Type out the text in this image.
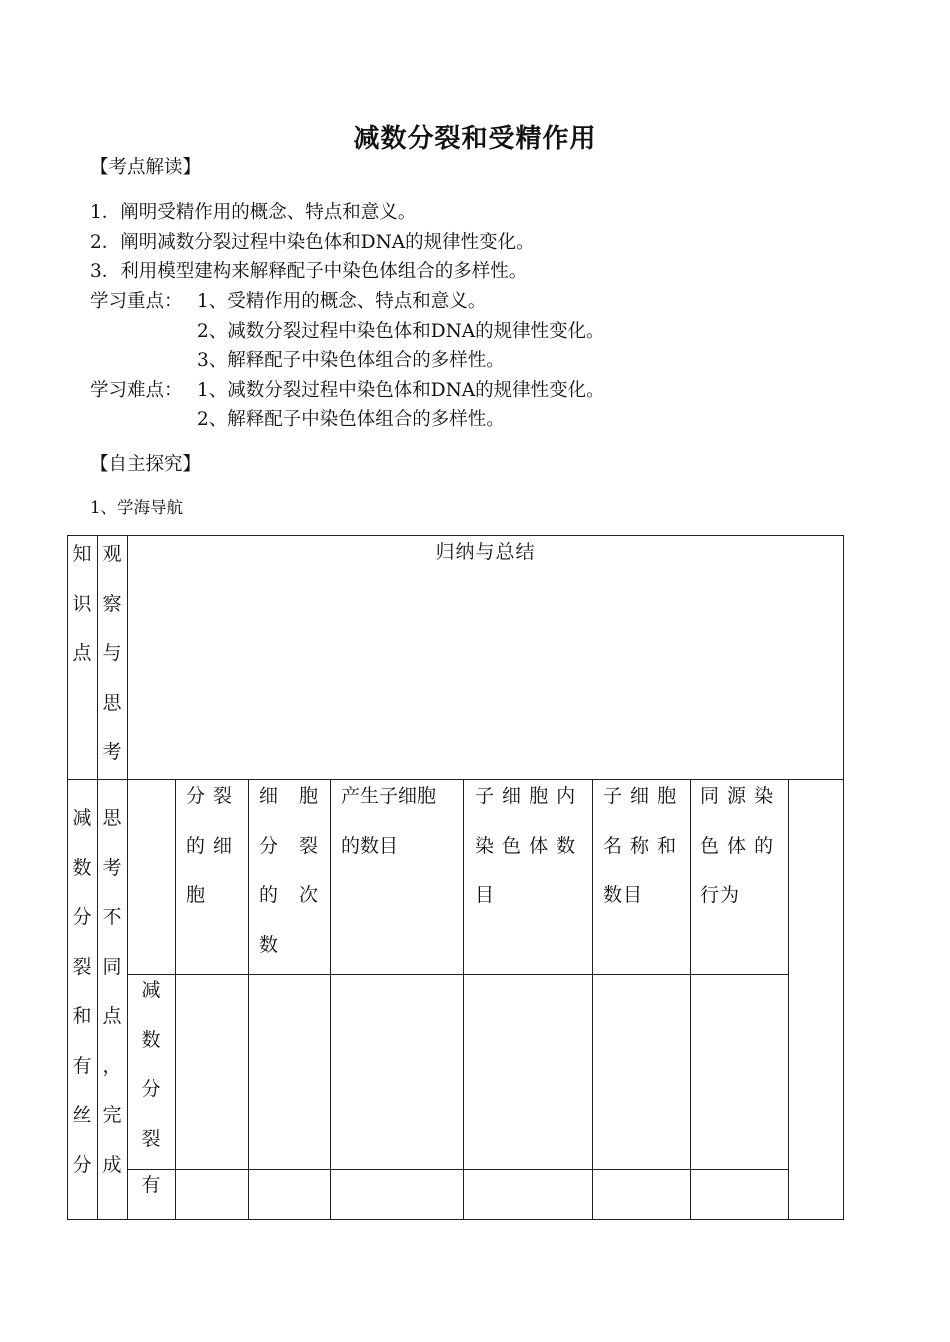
减数分裂和受精作用
【考点解读】
1．阐明受精作用的概念、特点和意义。
2．阐明减数分裂过程中染色体和DNA的规律性变化。
3．利用模型建构来解释配子中染色体组合的多样性。
学习重点： 1、受精作用的概念、特点和意义。
2、减数分裂过程中染色体和DNA的规律性变化。
3、解释配子中染色体组合的多样性。
学习难点： 1、减数分裂过程中染色体和DNA的规律性变化。
2、解释配子中染色体组合的多样性。
【自主探究】
1、学海导航
知
识
点
观
察
与
思
考
归纳与总结
减
数
分
裂
和
有
丝
分
思
考
不
同
点
，
完
成
分 裂
的 细
胞
细　胞
分　裂
的　次
数
产生子细胞
的数目
子 细 胞 内
染 色 体 数
目
子 细 胞
名 称 和
数目
同 源 染
色 体 的
行为
减
数
分
裂
有
